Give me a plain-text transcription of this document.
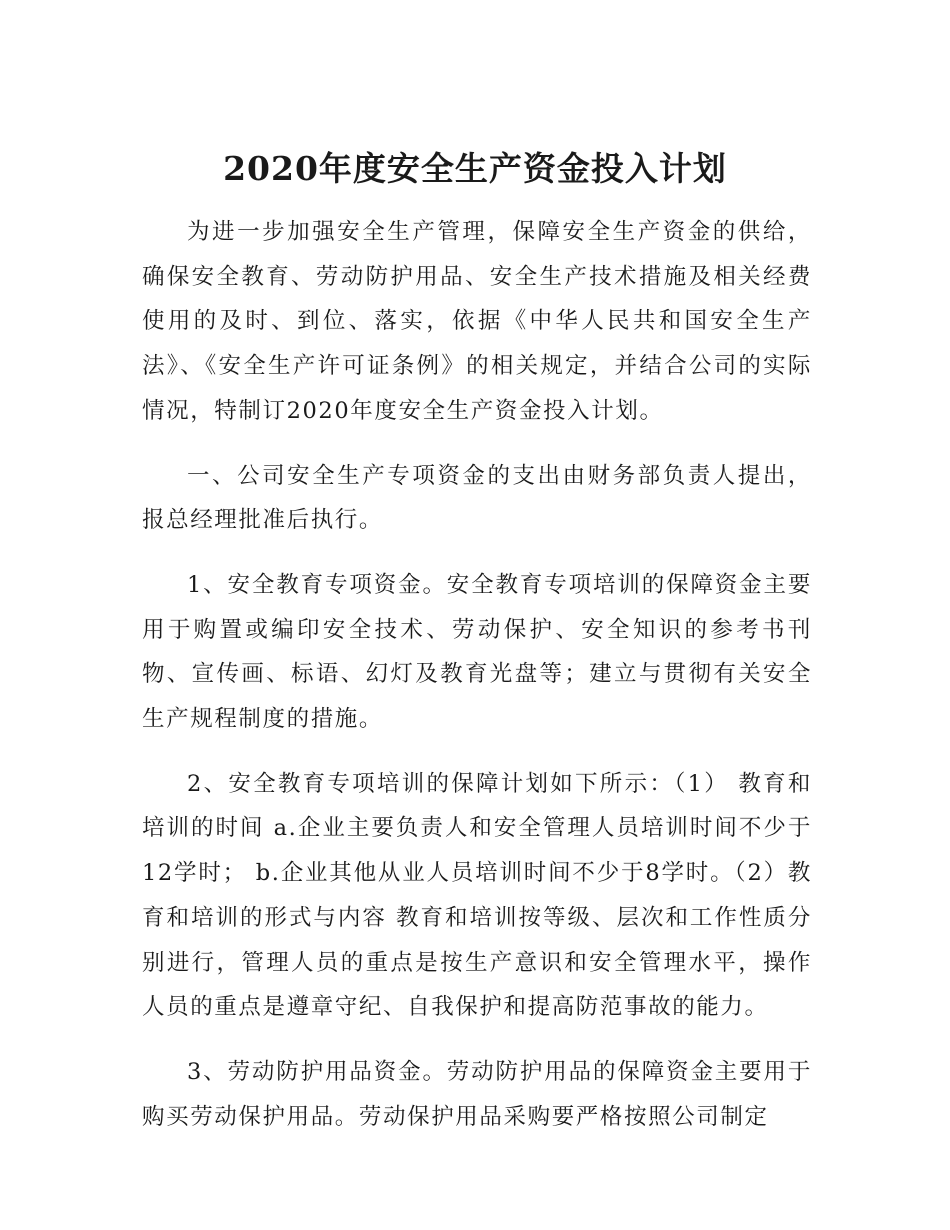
2020年度安全生产资金投入计划

为进一步加强安全生产管理，保障安全生产资金的供给，确保安全教育、劳动防护用品、安全生产技术措施及相关经费使用的及时、到位、落实，依据《中华人民共和国安全生产法》、《安全生产许可证条例》的相关规定，并结合公司的实际情况，特制订2020年度安全生产资金投入计划。

一、公司安全生产专项资金的支出由财务部负责人提出，报总经理批准后执行。

1、安全教育专项资金。安全教育专项培训的保障资金主要用于购置或编印安全技术、劳动保护、安全知识的参考书刊物、宣传画、标语、幻灯及教育光盘等；建立与贯彻有关安全生产规程制度的措施。

2、安全教育专项培训的保障计划如下所示：（1） 教育和培训的时间 a.企业主要负责人和安全管理人员培训时间不少于12学时； b.企业其他从业人员培训时间不少于8学时。（2）教育和培训的形式与内容 教育和培训按等级、层次和工作性质分别进行，管理人员的重点是按生产意识和安全管理水平，操作人员的重点是遵章守纪、自我保护和提高防范事故的能力。

3、劳动防护用品资金。劳动防护用品的保障资金主要用于购买劳动保护用品。劳动保护用品采购要严格按照公司制定
